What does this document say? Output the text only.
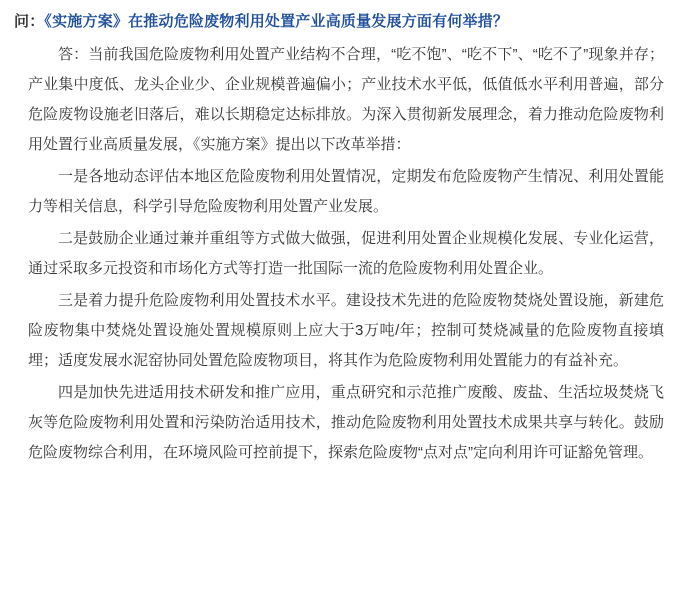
问：《实施方案》在推动危险废物利用处置产业高质量发展方面有何举措？

答：当前我国危险废物利用处置产业结构不合理，“吃不饱”、“吃不下”、“吃不了”现象并存；产业集中度低、龙头企业少、企业规模普遍偏小；产业技术水平低，低值低水平利用普遍，部分危险废物设施老旧落后，难以长期稳定达标排放。为深入贯彻新发展理念，着力推动危险废物利用处置行业高质量发展，《实施方案》提出以下改革举措：

一是各地动态评估本地区危险废物利用处置情况，定期发布危险废物产生情况、利用处置能力等相关信息，科学引导危险废物利用处置产业发展。

二是鼓励企业通过兼并重组等方式做大做强，促进利用处置企业规模化发展、专业化运营，通过采取多元投资和市场化方式等打造一批国际一流的危险废物利用处置企业。

三是着力提升危险废物利用处置技术水平。建设技术先进的危险废物焚烧处置设施，新建危险废物集中焚烧处置设施处置规模原则上应大于3万吨/年；控制可焚烧减量的危险废物直接填埋；适度发展水泥窑协同处置危险废物项目，将其作为危险废物利用处置能力的有益补充。

四是加快先进适用技术研发和推广应用，重点研究和示范推广废酸、废盐、生活垃圾焚烧飞灰等危险废物利用处置和污染防治适用技术，推动危险废物利用处置技术成果共享与转化。鼓励危险废物综合利用，在环境风险可控前提下，探索危险废物“点对点”定向利用许可证豁免管理。
